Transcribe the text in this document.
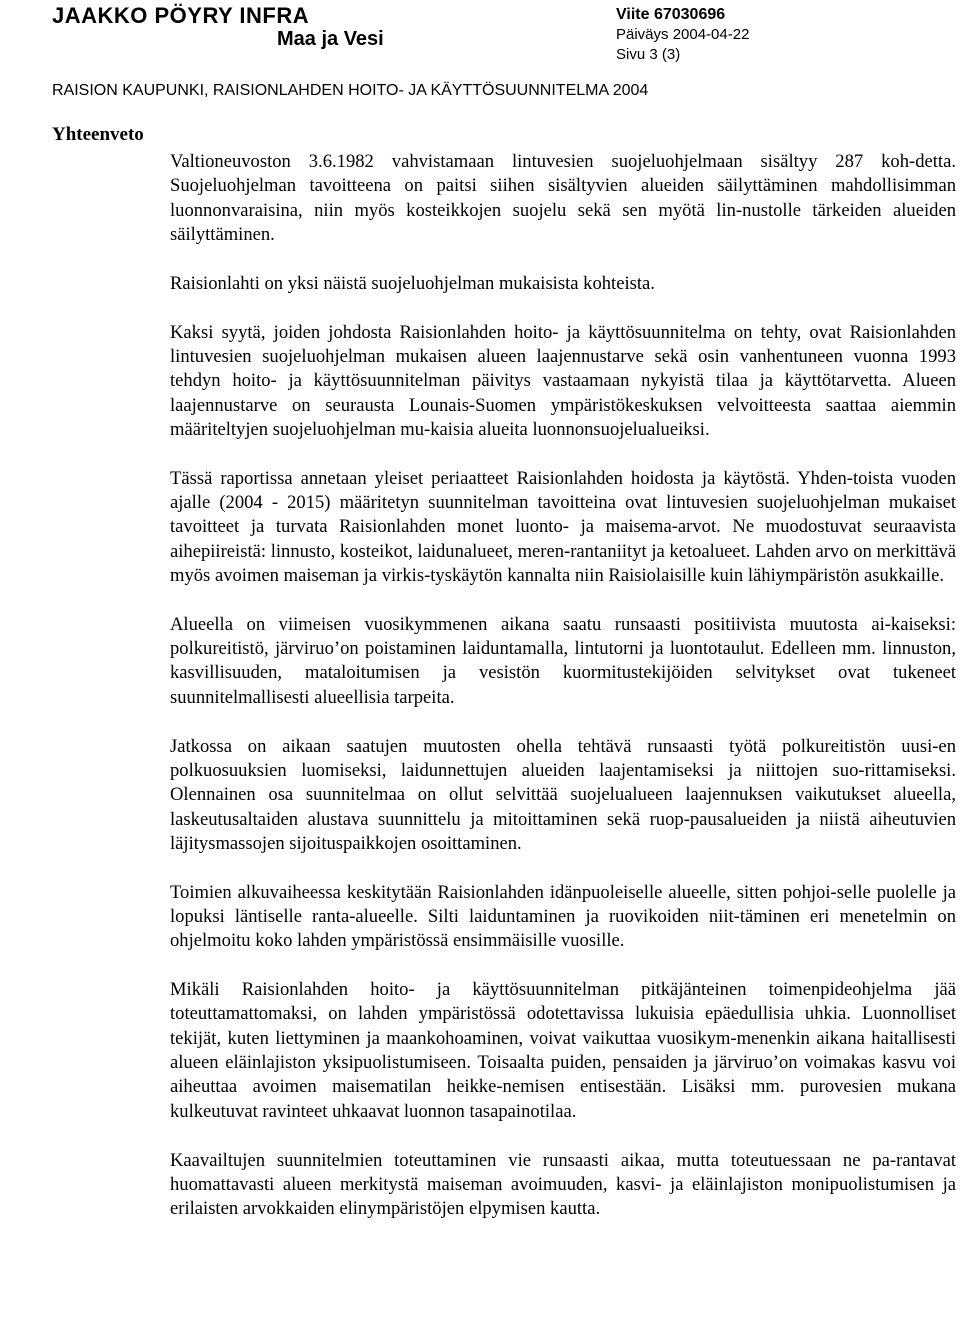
JAAKKO PÖYRY INFRA
Maa ja Vesi
Viite 67030696
Päiväys 2004-04-22
Sivu 3 (3)
RAISION KAUPUNKI, RAISIONLAHDEN HOITO- JA KÄYTTÖSUUNNITELMA 2004
Yhteenveto

Valtioneuvoston 3.6.1982 vahvistamaan lintuvesien suojeluohjelmaan sisältyy 287 koh-detta. Suojeluohjelman tavoitteena on paitsi siihen sisältyvien alueiden säilyttäminen mahdollisimman luonnonvaraisina, niin myös kosteikkojen suojelu sekä sen myötä lin-nustolle tärkeiden alueiden säilyttäminen.

Raisionlahti on yksi näistä suojeluohjelman mukaisista kohteista.

Kaksi syytä, joiden johdosta Raisionlahden hoito- ja käyttösuunnitelma on tehty, ovat Raisionlahden lintuvesien suojeluohjelman mukaisen alueen laajennustarve sekä osin vanhentuneen vuonna 1993 tehdyn hoito- ja käyttösuunnitelman päivitys vastaamaan nykyistä tilaa ja käyttötarvetta. Alueen laajennustarve on seurausta Lounais-Suomen ympäristökeskuksen velvoitteesta saattaa aiemmin määriteltyjen suojeluohjelman mu-kaisia alueita luonnonsuojelualueiksi.

Tässä raportissa annetaan yleiset periaatteet Raisionlahden hoidosta ja käytöstä. Yhden-toista vuoden ajalle (2004 - 2015) määritetyn suunnitelman tavoitteina ovat lintuvesien suojeluohjelman mukaiset tavoitteet ja turvata Raisionlahden monet luonto- ja maisema-arvot. Ne muodostuvat seuraavista aihepiireistä: linnusto, kosteikot, laidunalueet, meren-rantaniityt ja ketoalueet. Lahden arvo on merkittävä myös avoimen maiseman ja virkis-tyskäytön kannalta niin Raisiolaisille kuin lähiympäristön asukkaille.

Alueella on viimeisen vuosikymmenen aikana saatu runsaasti positiivista muutosta ai-kaiseksi: polkureitistö, järviruo’on poistaminen laiduntamalla, lintutorni ja luontotaulut. Edelleen mm. linnuston, kasvillisuuden, mataloitumisen ja vesistön kuormitustekijöiden selvitykset ovat tukeneet suunnitelmallisesti alueellisia tarpeita.

Jatkossa on aikaan saatujen muutosten ohella tehtävä runsaasti työtä polkureitistön uusi-en polkuosuuksien luomiseksi, laidunnettujen alueiden laajentamiseksi ja niittojen suo-rittamiseksi. Olennainen osa suunnitelmaa on ollut selvittää suojelualueen laajennuksen vaikutukset alueella, laskeutusaltaiden alustava suunnittelu ja mitoittaminen sekä ruop-pausalueiden ja niistä aiheutuvien läjitysmassojen sijoituspaikkojen osoittaminen.

Toimien alkuvaiheessa keskitytään Raisionlahden idänpuoleiselle alueelle, sitten pohjoi-selle puolelle ja lopuksi läntiselle ranta-alueelle. Silti laiduntaminen ja ruovikoiden niit-täminen eri menetelmin on ohjelmoitu koko lahden ympäristössä ensimmäisille vuosille.

Mikäli Raisionlahden hoito- ja käyttösuunnitelman pitkäjänteinen toimenpideohjelma jää toteuttamattomaksi, on lahden ympäristössä odotettavissa lukuisia epäedullisia uhkia. Luonnolliset tekijät, kuten liettyminen ja maankohoaminen, voivat vaikuttaa vuosikym-menenkin aikana haitallisesti alueen eläinlajiston yksipuolistumiseen. Toisaalta puiden, pensaiden ja järviruo’on voimakas kasvu voi aiheuttaa avoimen maisematilan heikke-nemisen entisestään. Lisäksi mm. purovesien mukana kulkeutuvat ravinteet uhkaavat luonnon tasapainotilaa.

Kaavailtujen suunnitelmien toteuttaminen vie runsaasti aikaa, mutta toteutuessaan ne pa-rantavat huomattavasti alueen merkitystä maiseman avoimuuden, kasvi- ja eläinlajiston monipuolistumisen ja erilaisten arvokkaiden elinympäristöjen elpymisen kautta.
